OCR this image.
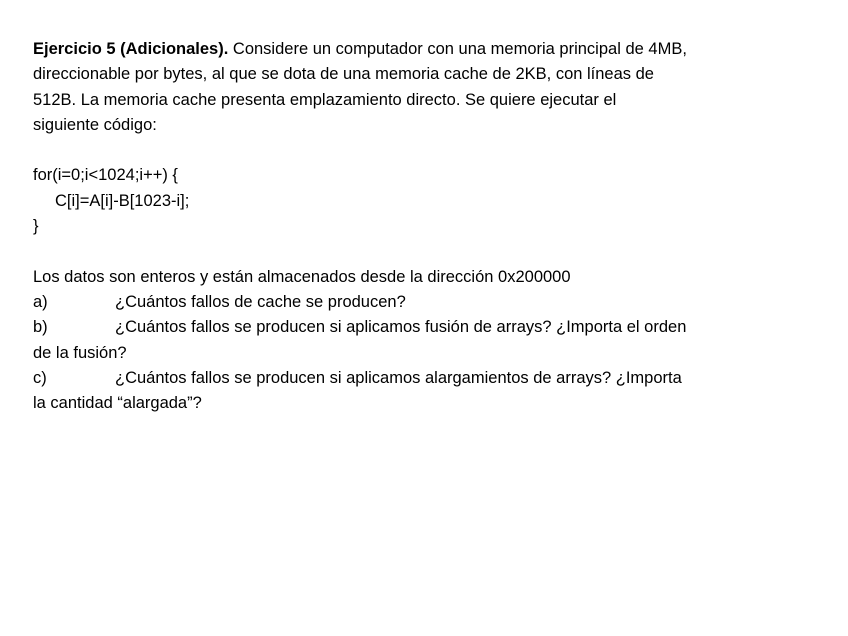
Ejercicio 5 (Adicionales). Considere un computador con una memoria principal de 4MB,
direccionable por bytes, al que se dota de una memoria cache de 2KB, con líneas de
512B. La memoria cache presenta emplazamiento directo. Se quiere ejecutar el
siguiente código:

for(i=0;i<1024;i++) {
C[i]=A[i]-B[1023-i];
}
Los datos son enteros y están almacenados desde la dirección 0x200000
a)	¿Cuántos fallos de cache se producen?
b)	¿Cuántos fallos se producen si aplicamos fusión de arrays? ¿Importa el orden
de la fusión?
c)	¿Cuántos fallos se producen si aplicamos alargamientos de arrays? ¿Importa
la cantidad “alargada”?
